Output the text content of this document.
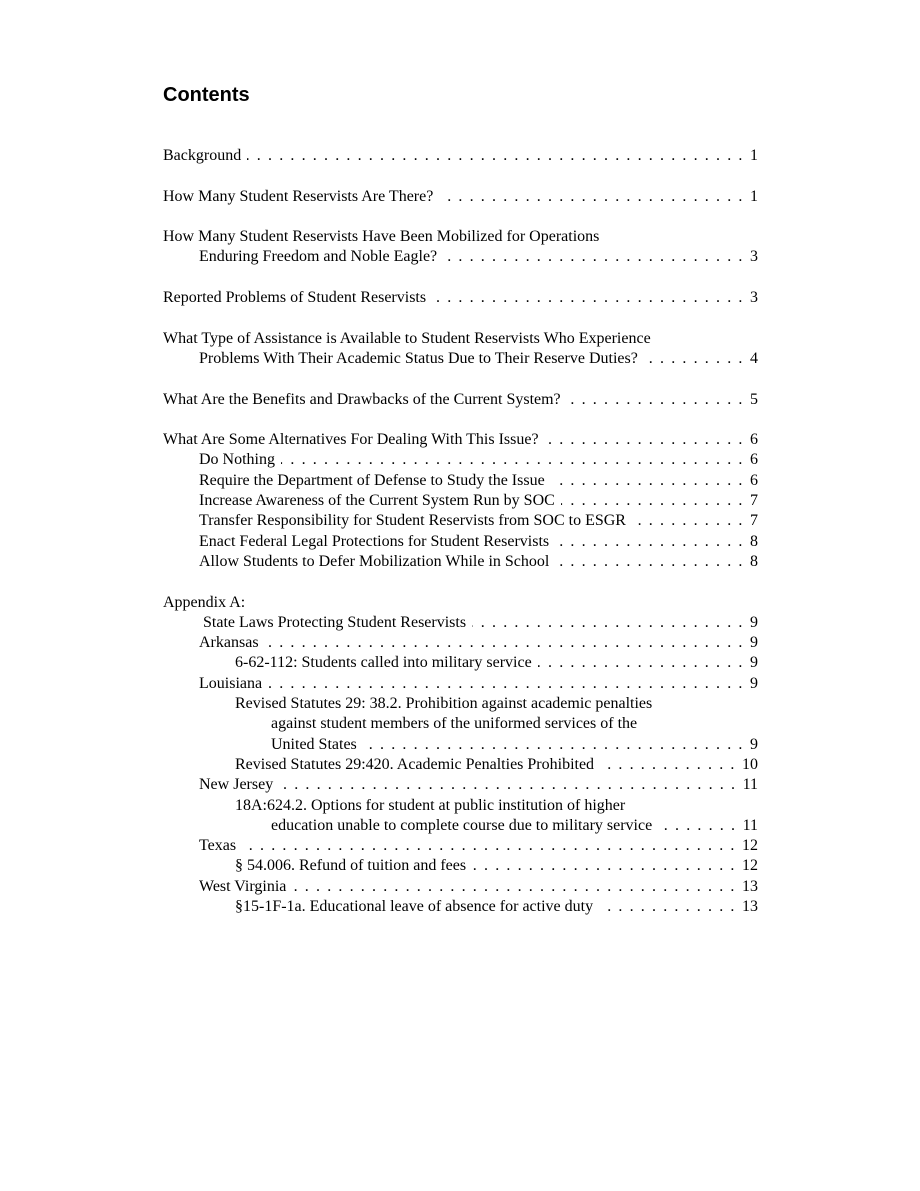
Contents
Background . . .	1
How Many Student Reservists Are There? . . .	1
How Many Student Reservists Have Been Mobilized for Operations
Enduring Freedom and Noble Eagle? . . .	3
Reported Problems of Student Reservists . . .	3
What Type of Assistance is Available to Student Reservists Who Experience
Problems With Their Academic Status Due to Their Reserve Duties? . . .	4
What Are the Benefits and Drawbacks of the Current System? . . .	5
What Are Some Alternatives For Dealing With This Issue? . . .	6
Do Nothing . . .	6
Require the Department of Defense to Study the Issue . . .	6
Increase Awareness of the Current System Run by SOC . . .	7
Transfer Responsibility for Student Reservists from SOC to ESGR . . .	7
Enact Federal Legal Protections for Student Reservists . . .	8
Allow Students to Defer Mobilization While in School . . .	8
Appendix A:
State Laws Protecting Student Reservists . . .	9
Arkansas . . .	9
6-62-112: Students called into military service . . .	9
Louisiana . . .	9
Revised Statutes 29: 38.2. Prohibition against academic penalties
against student members of the uniformed services of the
United States . . .	9
Revised Statutes 29:420. Academic Penalties Prohibited . . .	10
New Jersey . . .	11
18A:624.2. Options for student at public institution of higher
education unable to complete course due to military service . . .	11
Texas . . .	12
§ 54.006. Refund of tuition and fees . . .	12
West Virginia . . .	13
§15-1F-1a. Educational leave of absence for active duty . . .	13
